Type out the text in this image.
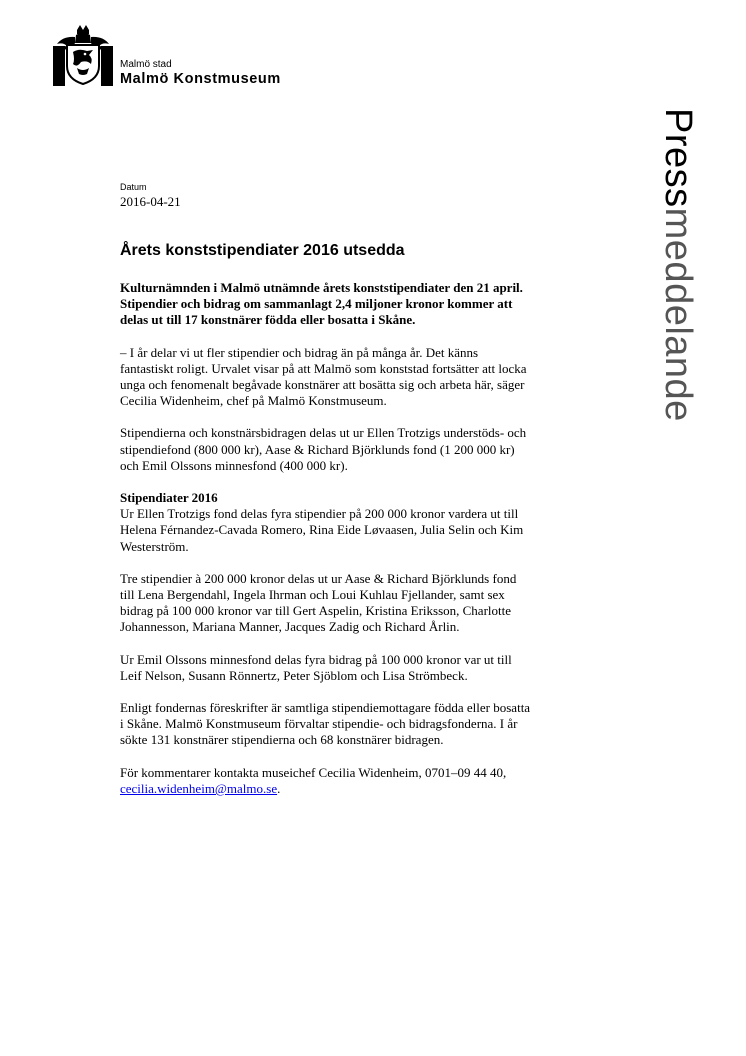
Malmö stad
Malmö Konstmuseum
Pressmeddelande
Datum
2016-04-21
Årets konststipendiater 2016 utsedda

Kulturnämnden i Malmö utnämnde årets konststipendiater den 21 april.
Stipendier och bidrag om sammanlagt 2,4 miljoner kronor kommer att
delas ut till 17 konstnärer födda eller bosatta i Skåne.

– I år delar vi ut fler stipendier och bidrag än på många år. Det känns
fantastiskt roligt. Urvalet visar på att Malmö som konststad fortsätter att locka
unga och fenomenalt begåvade konstnärer att bosätta sig och arbeta här, säger
Cecilia Widenheim, chef på Malmö Konstmuseum.

Stipendierna och konstnärsbidragen delas ut ur Ellen Trotzigs understöds- och
stipendiefond (800 000 kr), Aase & Richard Björklunds fond (1 200 000 kr)
och Emil Olssons minnesfond (400 000 kr).

Stipendiater 2016

Ur Ellen Trotzigs fond delas fyra stipendier på 200 000 kronor vardera ut till
Helena Férnandez-Cavada Romero, Rina Eide Løvaasen, Julia Selin och Kim
Westerström.

Tre stipendier à 200 000 kronor delas ut ur Aase & Richard Björklunds fond
till Lena Bergendahl, Ingela Ihrman och Loui Kuhlau Fjellander, samt sex
bidrag på 100 000 kronor var till Gert Aspelin, Kristina Eriksson, Charlotte
Johannesson, Mariana Manner, Jacques Zadig och Richard Årlin.

Ur Emil Olssons minnesfond delas fyra bidrag på 100 000 kronor var ut till
Leif Nelson, Susann Rönnertz, Peter Sjöblom och Lisa Strömbeck.

Enligt fondernas föreskrifter är samtliga stipendiemottagare födda eller bosatta
i Skåne. Malmö Konstmuseum förvaltar stipendie- och bidragsfonderna. I år
sökte 131 konstnärer stipendierna och 68 konstnärer bidragen.

För kommentarer kontakta museichef Cecilia Widenheim, 0701–09 44 40,
cecilia.widenheim@malmo.se.
